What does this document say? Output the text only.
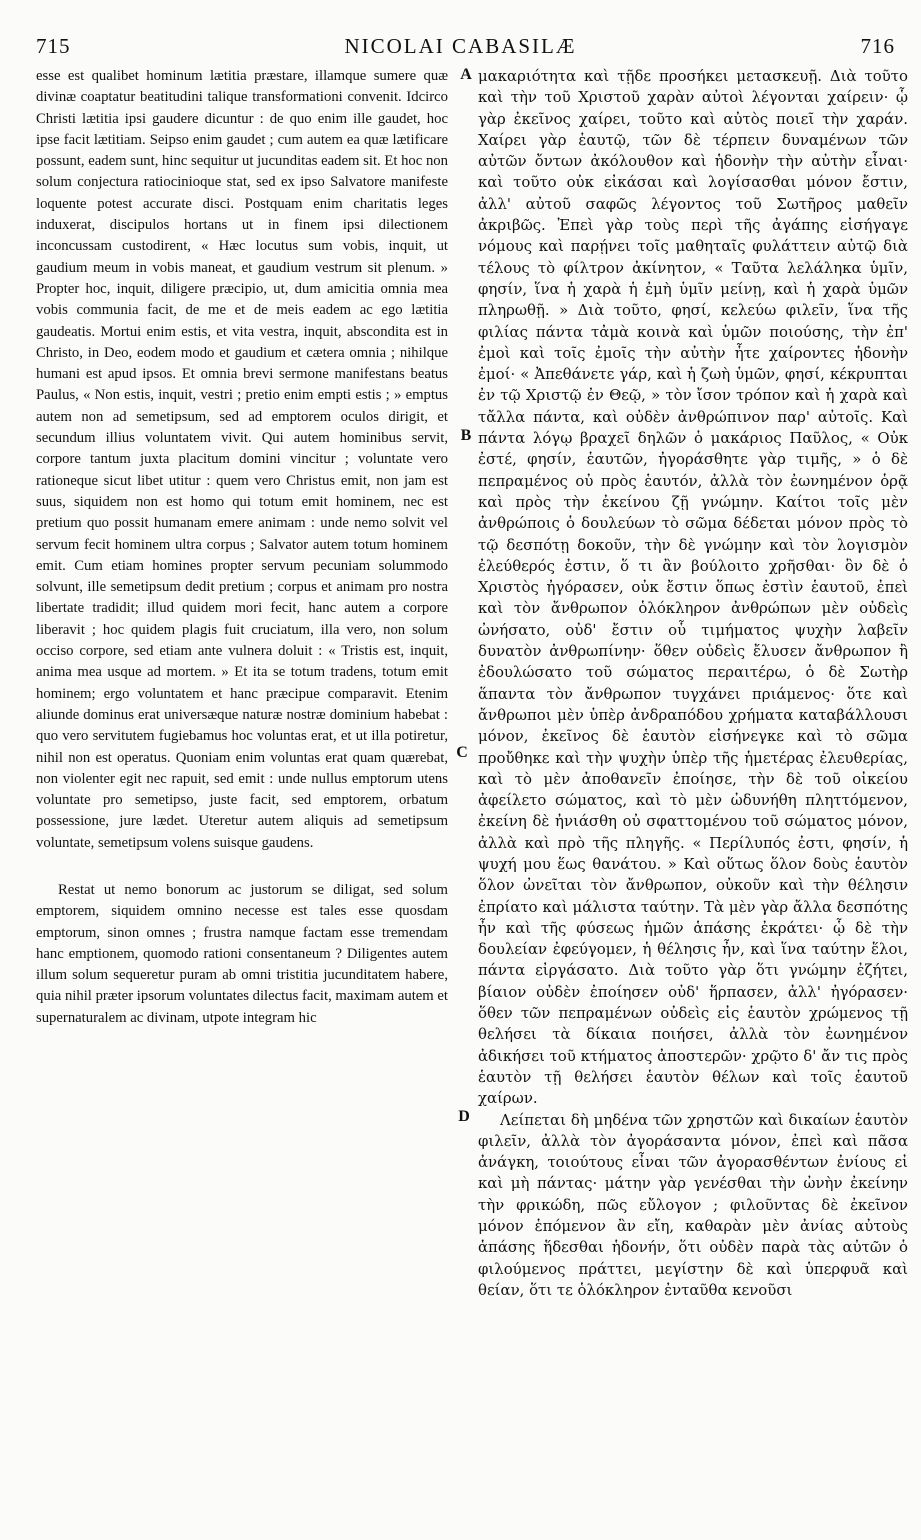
715	NICOLAI CABASILÆ	716

esse est qualibet hominum lætitia præstare, illamque sumere quæ divinæ coaptatur beatitudini talique transformationi convenit. Idcirco Christi lætitia ipsi gaudere dicuntur : de quo enim ille gaudet, hoc ipse facit lætitiam. Seipso enim gaudet ; cum autem ea quæ lætificare possunt, eadem sunt, hinc sequitur ut jucunditas eadem sit. Et hoc non solum conjectura ratiociniοque stat, sed ex ipso Salvatore manifeste loquente potest accurate disci. Postquam enim charitatis leges induxerat, discipulos hortans ut in finem ipsi dilectionem inconcussam custodirent, « Hæc locutus sum vobis, inquit, ut gaudium meum in vobis maneat, et gaudium vestrum sit plenum. » Propter hoc, inquit, diligere præcipio, ut, dum amicitia omnia mea vobis communia facit, de me et de meis eadem ac ego lætitia gaudeatis. Mortui enim estis, et vita vestra, inquit, abscondita est in Christo, in Deo, eodem modo et gaudium et cætera omnia ; nihilque humani est apud ipsos. Et omnia brevi sermone manifestans beatus Paulus, « Non estis, inquit, vestri ; pretio enim empti estis ; » emptus autem non ad semetipsum, sed ad emptorem oculos dirigit, et secundum illius voluntatem vivit. Qui autem hominibus servit, corpore tantum juxta placitum domini vincitur ; voluntate vero rationeque sicut libet utitur : quem vero Christus emit, non jam est suus, siquidem non est homo qui totum emit hominem, nec est pretium quo possit humanam emere animam : unde nemo solvit vel servum fecit hominem ultra corpus ; Salvator autem totum hominem emit. Cum etiam homines propter servum pecuniam solummodo solvunt, ille semetipsum dedit pretium ; corpus et animam pro nostra libertate tradidit; illud quidem mori fecit, hanc autem a corpore liberavit ; hoc quidem plagis fuit cruciatum, illa vero, non solum occiso corpore, sed etiam ante vulnera doluit : « Tristis est, inquit, anima mea usque ad mortem. » Et ita se totum tradens, totum emit hominem; ergo voluntatem et hanc præcipue comparavit. Etenim aliunde dominus erat universæque naturæ nostræ dominium habebat : quo vero servitutem fugiebamus hoc voluntas erat, et ut illa potiretur, nihil non est operatus. Quoniam enim voluntas erat quam quærebat, non violenter egit nec rapuit, sed emit : unde nullus emptorum utens voluntate pro semetipso, juste facit, sed emptorem, orbatum possessione, jure lædet. Uteretur autem aliquis ad semetipsum voluntate, semetipsum volens suisque gaudens.

Restat ut nemo bonorum ac justorum se diligat, sed solum emptorem, siquidem omnino necesse est tales esse quosdam emptorum, sinon omnes ; frustra namque factam esse tremendam hanc emptionem, quomodo rationi consentaneum ? Diligentes autem illum solum sequeretur puram ab omni tristitia jucunditatem habere, quia nihil præter ipsorum voluntates dilectus facit, maximam autem et supernaturalem ac divinam, utpote integram hic

A
B
C
D

μακαριότητα καὶ τῇδε προσήκει μετασκευῇ. Διὰ τοῦτο καὶ τὴν τοῦ Χριστοῦ χαρὰν αὐτοὶ λέγονται χαίρειν· ᾧ γὰρ ἐκεῖνος χαίρει, τοῦτο καὶ αὐτὸς ποιεῖ τὴν χαράν. Χαίρει γὰρ ἑαυτῷ, τῶν δὲ τέρπειν δυναμένων τῶν αὐτῶν ὄντων ἀκόλουθον καὶ ἡδονὴν τὴν αὐτὴν εἶναι· καὶ τοῦτο οὐκ εἰκάσαι καὶ λογίσασθαι μόνον ἔστιν, ἀλλ' αὐτοῦ σαφῶς λέγοντος τοῦ Σωτῆρος μαθεῖν ἀκριβῶς. Ἐπεὶ γὰρ τοὺς περὶ τῆς ἀγάπης εἰσήγαγε νόμους καὶ παρῄνει τοῖς μαθηταῖς φυλάττειν αὐτῷ διὰ τέλους τὸ φίλτρον ἀκίνητον, « Ταῦτα λελάληκα ὑμῖν, φησίν, ἵνα ἡ χαρὰ ἡ ἐμὴ ὑμῖν μείνῃ, καὶ ἡ χαρὰ ὑμῶν πληρωθῇ. » Διὰ τοῦτο, φησί, κελεύω φιλεῖν, ἵνα τῆς φιλίας πάντα τἀμὰ κοινὰ καὶ ὑμῶν ποιούσης, τὴν ἐπ' ἐμοὶ καὶ τοῖς ἐμοῖς τὴν αὐτὴν ἧτε χαίροντες ἡδονὴν ἐμοί· « Ἀπεθάνετε γάρ, καὶ ἡ ζωὴ ὑμῶν, φησί, κέκρυπται ἐν τῷ Χριστῷ ἐν Θεῷ, » τὸν ἴσον τρόπον καὶ ἡ χαρὰ καὶ τἄλλα πάντα, καὶ οὐδὲν ἀνθρώπινον παρ' αὐτοῖς. Καὶ πάντα λόγῳ βραχεῖ δηλῶν ὁ μακάριος Παῦλος, « Οὐκ ἐστέ, φησίν, ἑαυτῶν, ἠγοράσθητε γὰρ τιμῆς, » ὁ δὲ πεπραμένος οὐ πρὸς ἑαυτόν, ἀλλὰ τὸν ἐωνημένον ὁρᾷ καὶ πρὸς τὴν ἐκείνου ζῇ γνώμην. Καίτοι τοῖς μὲν ἀνθρώποις ὁ δουλεύων τὸ σῶμα δέδεται μόνον πρὸς τὸ τῷ δεσπότῃ δοκοῦν, τὴν δὲ γνώμην καὶ τὸν λογισμὸν ἐλεύθερός ἐστιν, ὅ τι ἂν βούλοιτο χρῆσθαι· ὃν δὲ ὁ Χριστὸς ἠγόρασεν, οὐκ ἔστιν ὅπως ἐστὶν ἑαυτοῦ, ἐπεὶ καὶ τὸν ἄνθρωπον ὁλόκληρον ἀνθρώπων μὲν οὐδεὶς ὠνήσατο, οὐδ' ἔστιν οὗ τιμήματος ψυχὴν λαβεῖν δυνατὸν ἀνθρωπίνην· ὅθεν οὐδεὶς ἔλυσεν ἄνθρωπον ἢ ἐδουλώσατο τοῦ σώματος περαιτέρω, ὁ δὲ Σωτὴρ ἅπαντα τὸν ἄνθρωπον τυγχάνει πριάμενος· ὅτε καὶ ἄνθρωποι μὲν ὑπὲρ ἀνδραπόδου χρήματα καταβάλλουσι μόνον, ἐκεῖνος δὲ ἑαυτὸν εἰσήνεγκε καὶ τὸ σῶμα προὔθηκε καὶ τὴν ψυχὴν ὑπὲρ τῆς ἡμετέρας ἐλευθερίας, καὶ τὸ μὲν ἀποθανεῖν ἐποίησε, τὴν δὲ τοῦ οἰκείου ἀφείλετο σώματος, καὶ τὸ μὲν ὠδυνήθη πληττόμενον, ἐκείνη δὲ ἠνιάσθη οὐ σφαττομένου τοῦ σώματος μόνον, ἀλλὰ καὶ πρὸ τῆς πληγῆς. « Περίλυπός ἐστι, φησίν, ἡ ψυχή μου ἕως θανάτου. » Καὶ οὕτως ὅλον δοὺς ἑαυτὸν ὅλον ὠνεῖται τὸν ἄνθρωπον, οὐκοῦν καὶ τὴν θέλησιν ἐπρίατο καὶ μάλιστα ταύτην. Τὰ μὲν γὰρ ἄλλα δεσπότης ἦν καὶ τῆς φύσεως ἡμῶν ἁπάσης ἐκράτει· ᾧ δὲ τὴν δουλείαν ἐφεύγομεν, ἡ θέλησις ἦν, καὶ ἵνα ταύτην ἕλοι, πάντα εἰργάσατο. Διὰ τοῦτο γὰρ ὅτι γνώμην ἐζήτει, βίαιον οὐδὲν ἐποίησεν οὐδ' ἥρπασεν, ἀλλ' ἠγόρασεν· ὅθεν τῶν πεπραμένων οὐδεὶς εἰς ἑαυτὸν χρώμενος τῇ θελήσει τὰ δίκαια ποιήσει, ἀλλὰ τὸν ἐωνημένον ἀδικήσει τοῦ κτήματος ἀποστερῶν· χρῷτο δ' ἄν τις πρὸς ἑαυτὸν τῇ θελήσει ἑαυτὸν θέλων καὶ τοῖς ἑαυτοῦ χαίρων.

Λείπεται δὴ μηδένα τῶν χρηστῶν καὶ δικαίων ἑαυτὸν φιλεῖν, ἀλλὰ τὸν ἀγοράσαντα μόνον, ἐπεὶ καὶ πᾶσα ἀνάγκη, τοιούτους εἶναι τῶν ἀγορασθέντων ἐνίους εἰ καὶ μὴ πάντας· μάτην γὰρ γενέσθαι τὴν ὠνὴν ἐκείνην τὴν φρικώδη, πῶς εὔλογον ; φιλοῦντας δὲ ἐκεῖνον μόνον ἑπόμενον ἂν εἴη, καθαρὰν μὲν ἀνίας αὐτοὺς ἁπάσης ἥδεσθαι ἡδονήν, ὅτι οὐδὲν παρὰ τὰς αὐτῶν ὁ φιλούμενος πράττει, μεγίστην δὲ καὶ ὑπερφυᾶ καὶ θείαν, ὅτι τε ὁλόκληρον ἐνταῦθα κενοῦσι
